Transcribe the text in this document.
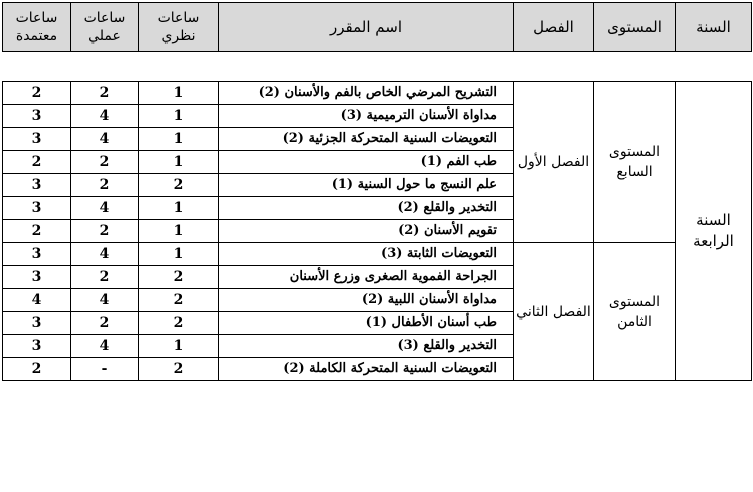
ساعات معتمدة	ساعات عملي	ساعات نظري	اسم المقرر	الفصل	المستوى	السنة
2	2	1	التشريح المرضي الخاص بالفم والأسنان (2)	الفصل الأول	المستوى السابع	السنة الرابعة
3	4	1	مداواة الأسنان الترميمية (3)			
3	4	1	التعويضات السنية المتحركة الجزئية (2)			
2	2	1	طب الفم (1)			
3	2	2	علم النسج ما حول السنية (1)			
3	4	1	التخدير والقلع (2)			
2	2	1	تقويم الأسنان (2)			
3	4	1	التعويضات الثابتة (3)	الفصل الثاني	المستوى الثامن	
3	2	2	الجراحة الفموية الصغرى وزرع الأسنان			
4	4	2	مداواة الأسنان اللبية (2)			
3	2	2	طب أسنان الأطفال (1)			
3	4	1	التخدير والقلع (3)			
2	-	2	التعويضات السنية المتحركة الكاملة (2)			
